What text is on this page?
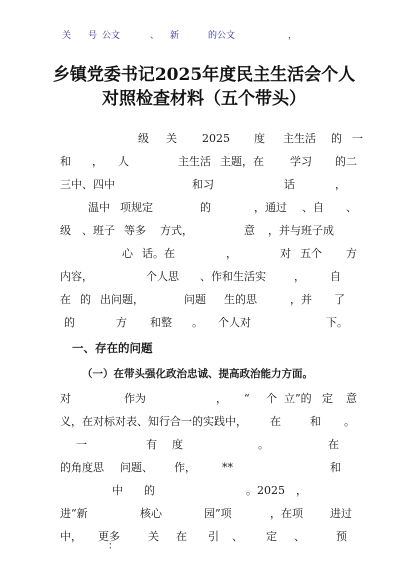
关 号 公文	、 新	的公文	，
乡镇党委书记2025年度民主生活会个人
对照检查材料（五个带头）
级 关 2025 度 主生活 的 一
和 ， 人	主生活 主题，在 学习 的二
三中、四中	和习	话	，
温中 项规定	的	，通过 、自 、
级 、班子 等多 方式，	意 ，并与班子成
心 话。在	，	对 五个 方
内容，	个人思 、作和生活实	， 自
在 的 出问题，	问题 生的思	，并 了
的	方 和整 。 个人对	下。
一、存在的问题
（一）在带头强化政治忠诚、提高政治能力方面。
对	作为	， “ 个 立”的 定 意
义，在对标对表、知行合一的实践中， 在	和 。
一	有 度	。	在
的角度思 问题、 作， **	和
中 的	。2025 ，
进“新	核心	园”项	，在项 进过
中， 更多	关 在 引 、 定 、	预
：
